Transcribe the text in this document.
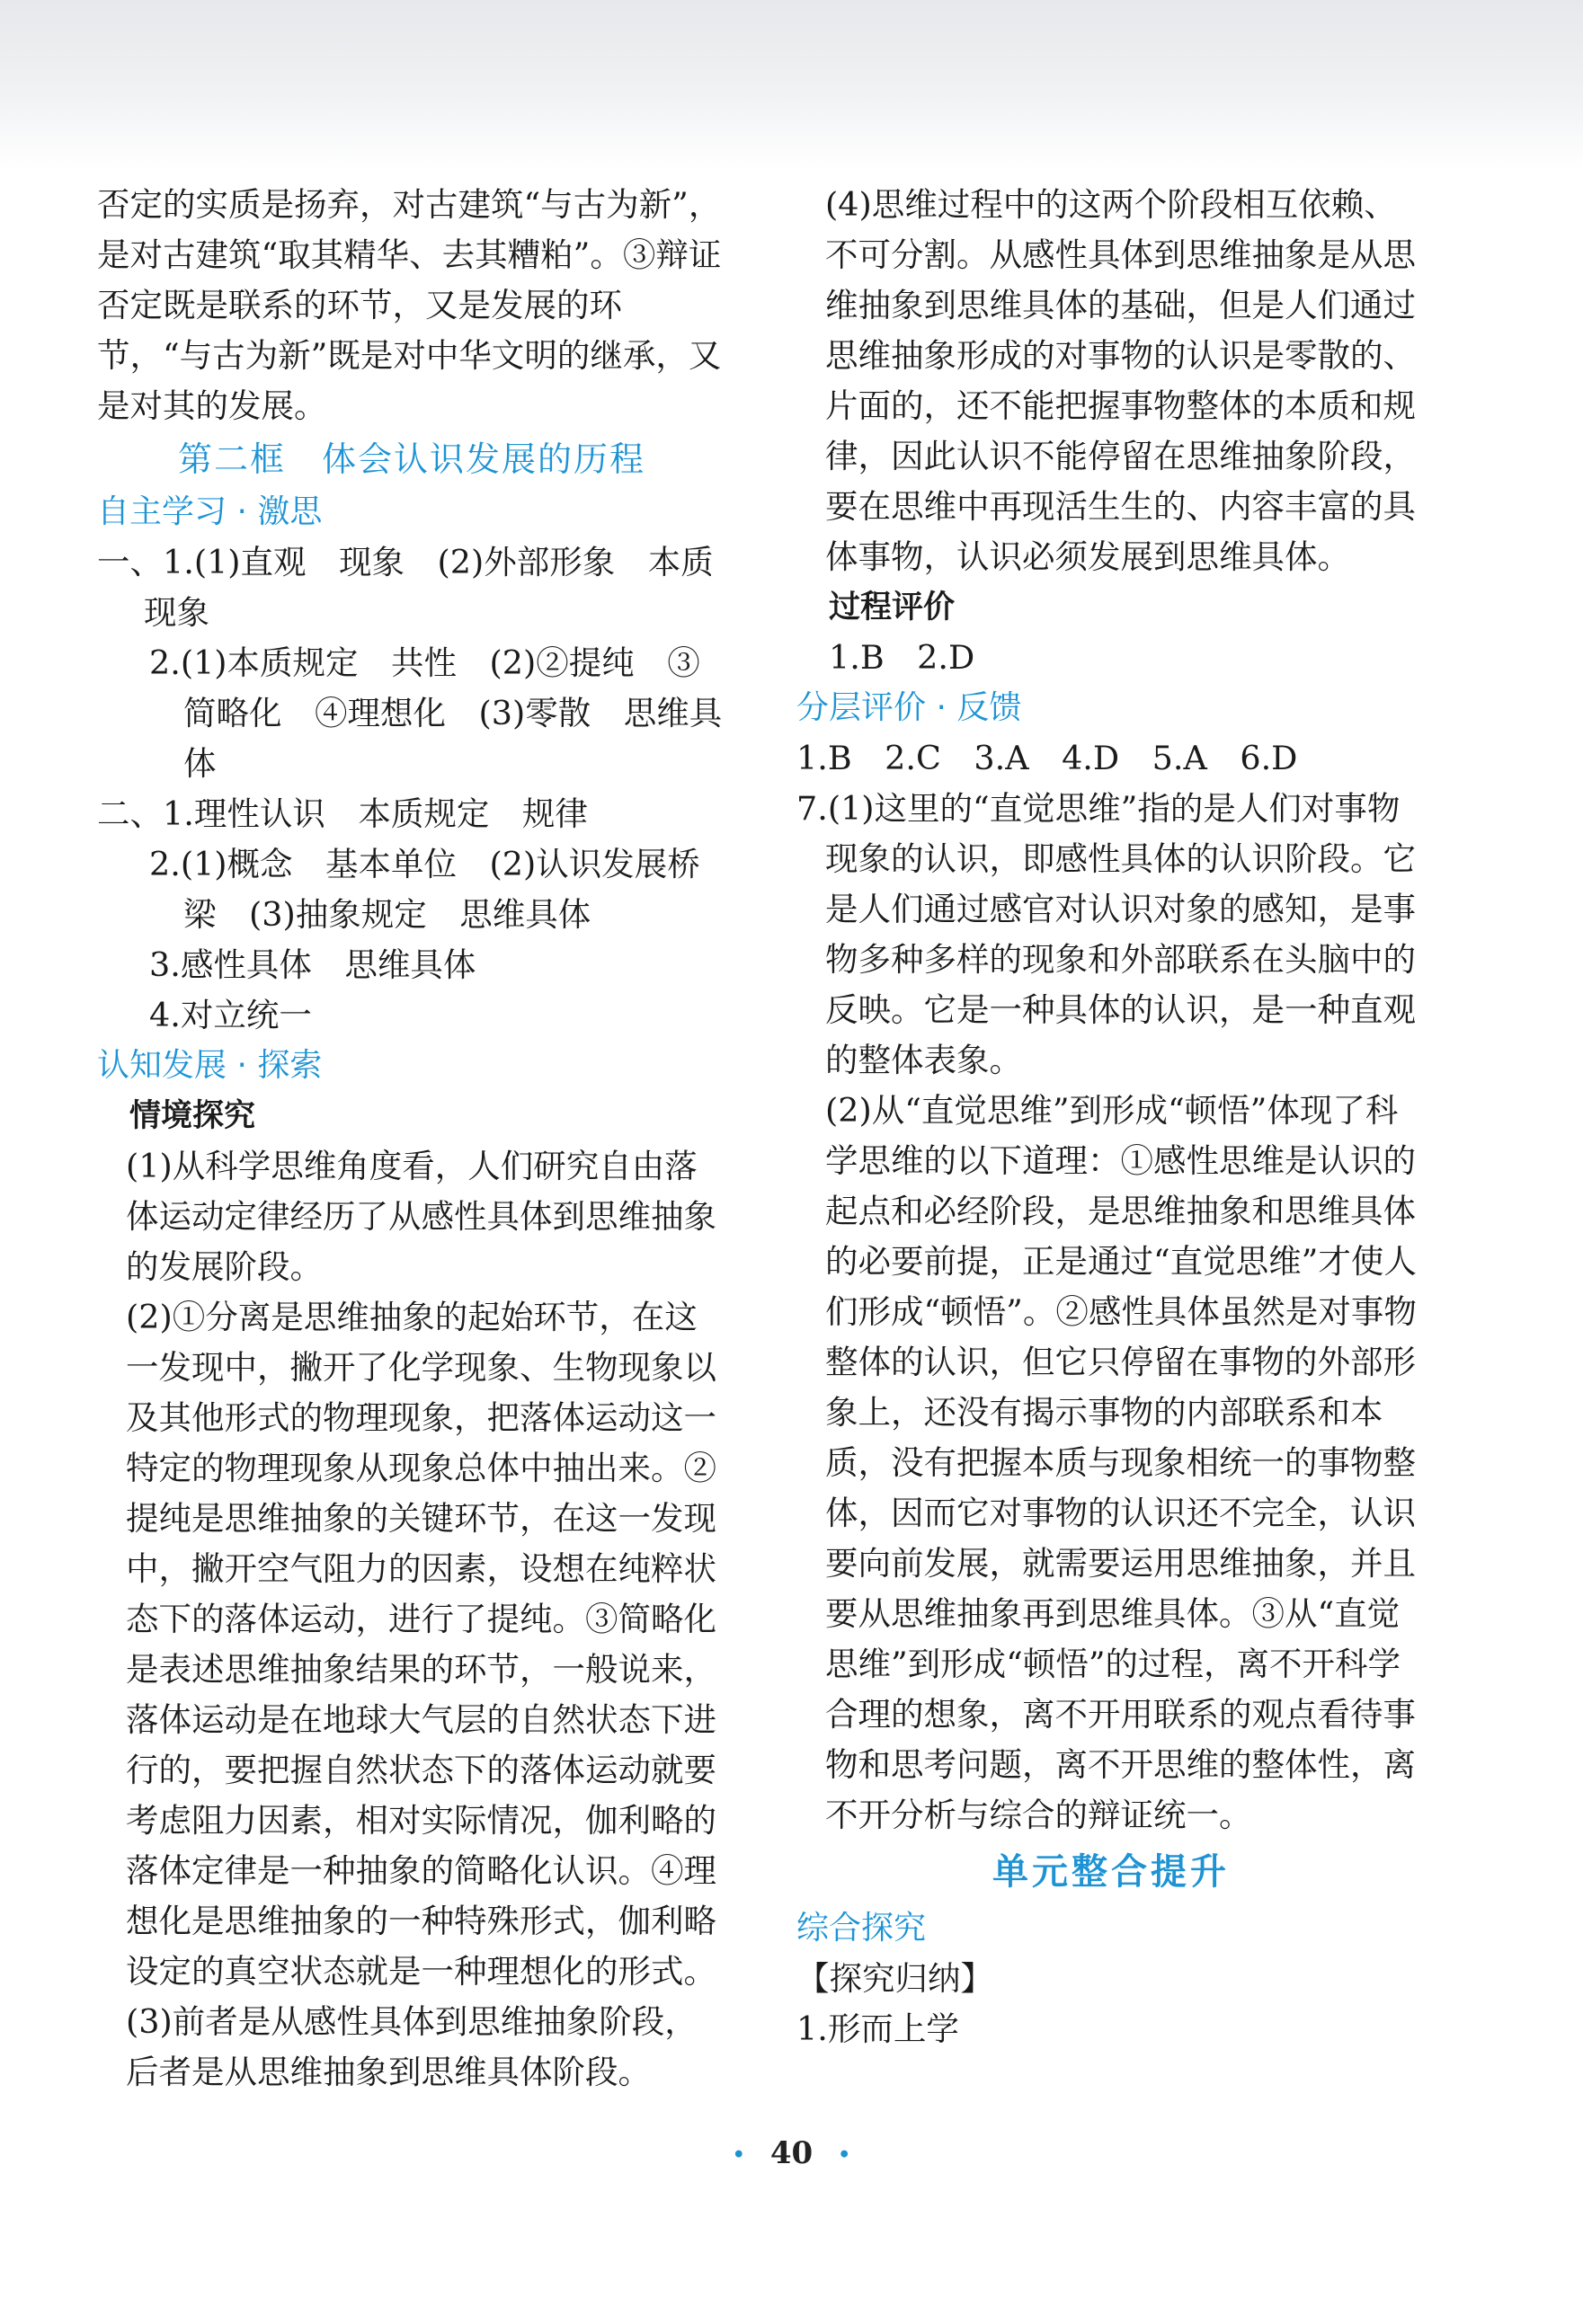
否定的实质是扬弃，对古建筑“与古为新”，是对古建筑“取其精华、去其糟粕”。③辩证否定既是联系的环节，又是发展的环节，“与古为新”既是对中华文明的继承，又是对其的发展。

第二框　体会认识发展的历程
自主学习 · 激思

一、1.(1)直观　现象　(2)外部形象　本质　现象

2.(1)本质规定　共性　(2)②提纯　③简略化　④理想化　(3)零散　思维具体

二、1.理性认识　本质规定　规律

2.(1)概念　基本单位　(2)认识发展桥梁　(3)抽象规定　思维具体

3.感性具体　思维具体

4.对立统一

认知发展 · 探索
情境探究

(1)从科学思维角度看，人们研究自由落体运动定律经历了从感性具体到思维抽象的发展阶段。

(2)①分离是思维抽象的起始环节，在这一发现中，撇开了化学现象、生物现象以及其他形式的物理现象，把落体运动这一特定的物理现象从现象总体中抽出来。②提纯是思维抽象的关键环节，在这一发现中，撇开空气阻力的因素，设想在纯粹状态下的落体运动，进行了提纯。③简略化是表述思维抽象结果的环节，一般说来，落体运动是在地球大气层的自然状态下进行的，要把握自然状态下的落体运动就要考虑阻力因素，相对实际情况，伽利略的落体定律是一种抽象的简略化认识。④理想化是思维抽象的一种特殊形式，伽利略设定的真空状态就是一种理想化的形式。

(3)前者是从感性具体到思维抽象阶段，后者是从思维抽象到思维具体阶段。

(4)思维过程中的这两个阶段相互依赖、不可分割。从感性具体到思维抽象是从思维抽象到思维具体的基础，但是人们通过思维抽象形成的对事物的认识是零散的、片面的，还不能把握事物整体的本质和规律，因此认识不能停留在思维抽象阶段，要在思维中再现活生生的、内容丰富的具体事物，认识必须发展到思维具体。

过程评价

1.B　2.D

分层评价 · 反馈

1.B　2.C　3.A　4.D　5.A　6.D

7.(1)这里的“直觉思维”指的是人们对事物现象的认识，即感性具体的认识阶段。它是人们通过感官对认识对象的感知，是事物多种多样的现象和外部联系在头脑中的反映。它是一种具体的认识，是一种直观的整体表象。

(2)从“直觉思维”到形成“顿悟”体现了科学思维的以下道理：①感性思维是认识的起点和必经阶段，是思维抽象和思维具体的必要前提，正是通过“直觉思维”才使人们形成“顿悟”。②感性具体虽然是对事物整体的认识，但它只停留在事物的外部形象上，还没有揭示事物的内部联系和本质，没有把握本质与现象相统一的事物整体，因而它对事物的认识还不完全，认识要向前发展，就需要运用思维抽象，并且要从思维抽象再到思维具体。③从“直觉思维”到形成“顿悟”的过程，离不开科学合理的想象，离不开用联系的观点看待事物和思考问题，离不开思维的整体性，离不开分析与综合的辩证统一。

单元整合提升
综合探究

【探究归纳】

1.形而上学

• 40 •
